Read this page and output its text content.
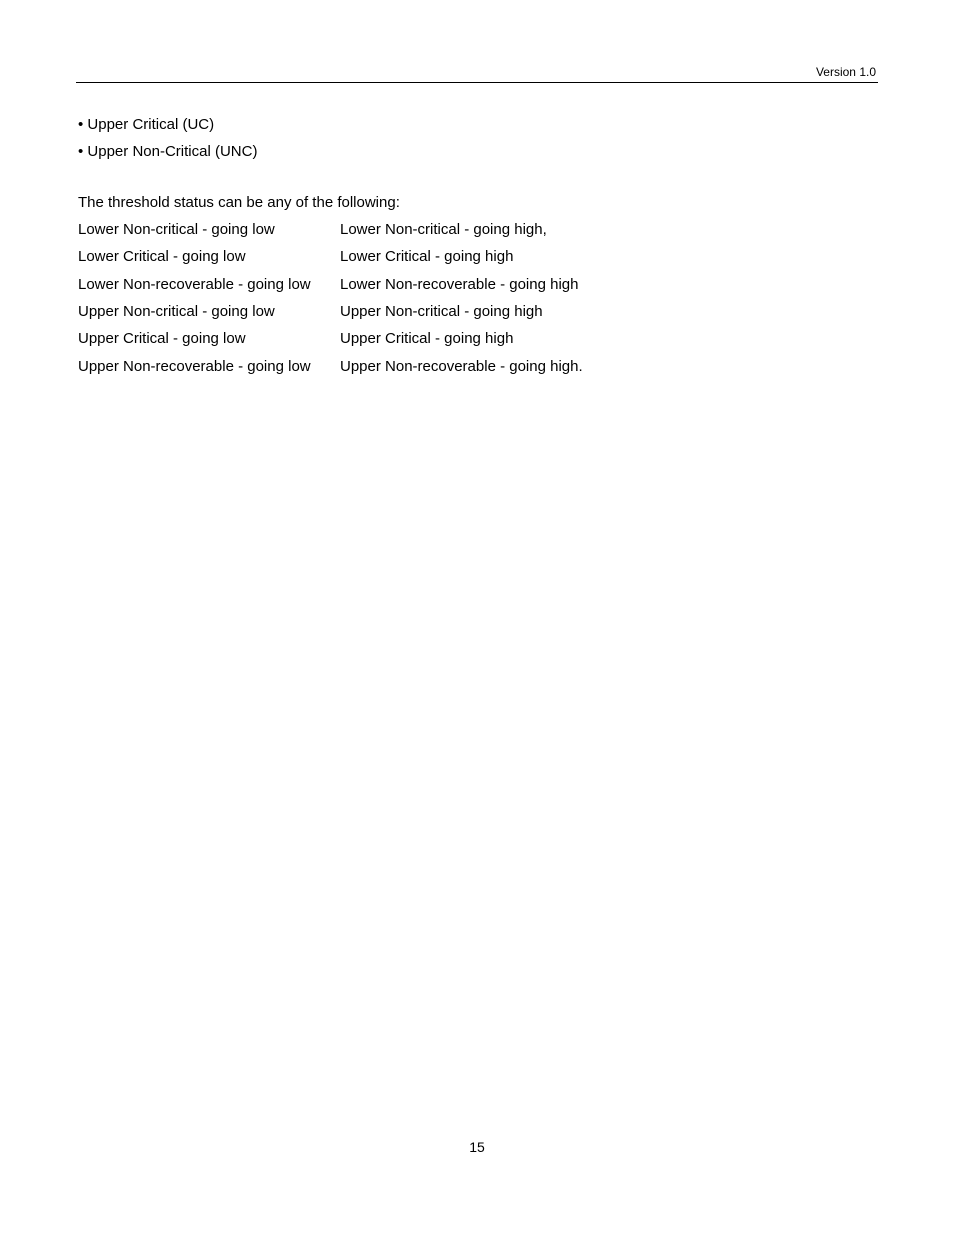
Version 1.0
• Upper Critical (UC)
• Upper Non-Critical (UNC)

The threshold status can be any of the following:

Lower Non-critical - going low	Lower Non-critical - going high,
Lower Critical - going low	Lower Critical - going high
Lower Non-recoverable - going low	Lower Non-recoverable - going high
Upper Non-critical - going low	Upper Non-critical - going high
Upper Critical - going low	Upper Critical - going high
Upper Non-recoverable - going low	Upper Non-recoverable - going high.
15
